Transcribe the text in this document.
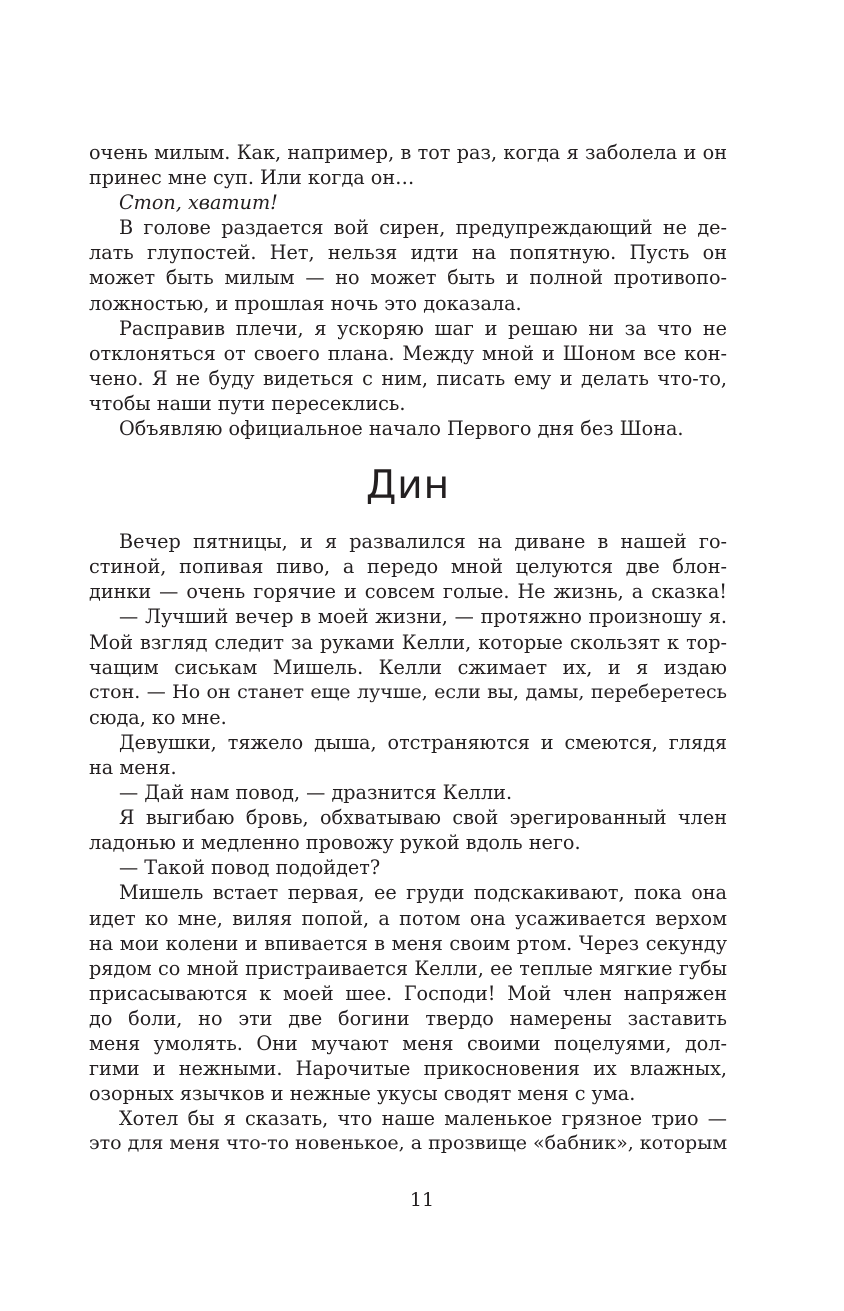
очень милым. Как, например, в тот раз, когда я заболела и он
принес мне суп. Или когда он…
Стоп, хватит!
В голове раздается вой сирен, предупреждающий не де-
лать глупостей. Нет, нельзя идти на попятную. Пусть он
может быть милым — но может быть и полной противопо-
ложностью, и прошлая ночь это доказала.
Расправив плечи, я ускоряю шаг и решаю ни за что не
отклоняться от своего плана. Между мной и Шоном все кон-
чено. Я не буду видеться с ним, писать ему и делать что-то,
чтобы наши пути пересеклись.
Объявляю официальное начало Первого дня без Шона.
Дин
Вечер пятницы, и я развалился на диване в нашей го-
стиной, попивая пиво, а передо мной целуются две блон-
динки — очень горячие и совсем голые. Не жизнь, а сказка!
— Лучший вечер в моей жизни, — протяжно произношу я.
Мой взгляд следит за руками Келли, которые скользят к тор-
чащим сиськам Мишель. Келли сжимает их, и я издаю
стон. — Но он станет еще лучше, если вы, дамы, переберетесь
сюда, ко мне.
Девушки, тяжело дыша, отстраняются и смеются, глядя
на меня.
— Дай нам повод, — дразнится Келли.
Я выгибаю бровь, обхватываю свой эрегированный член
ладонью и медленно провожу рукой вдоль него.
— Такой повод подойдет?
Мишель встает первая, ее груди подскакивают, пока она
идет ко мне, виляя попой, а потом она усаживается верхом
на мои колени и впивается в меня своим ртом. Через секунду
рядом со мной пристраивается Келли, ее теплые мягкие губы
присасываются к моей шее. Господи! Мой член напряжен
до боли, но эти две богини твердо намерены заставить
меня умолять. Они мучают меня своими поцелуями, дол-
гими и нежными. Нарочитые прикосновения их влажных,
озорных язычков и нежные укусы сводят меня с ума.
Хотел бы я сказать, что наше маленькое грязное трио —
это для меня что-то новенькое, а прозвище «бабник», которым
11
